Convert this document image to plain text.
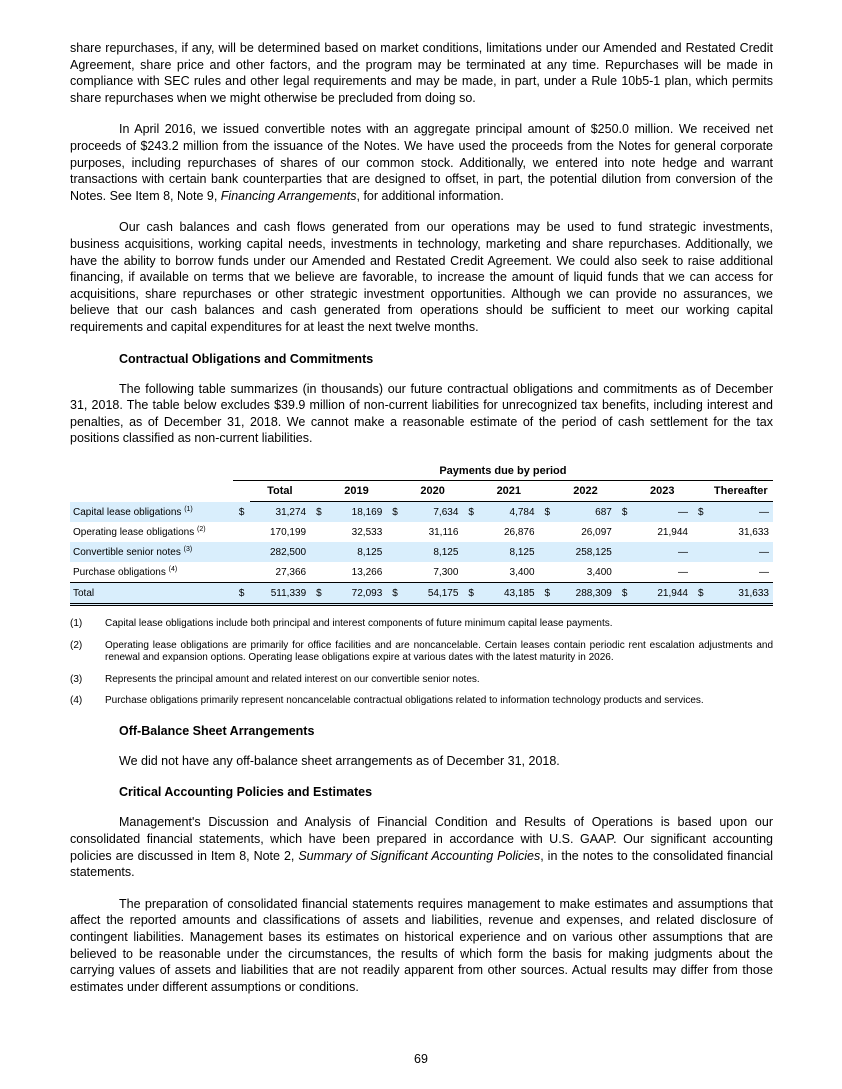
share repurchases, if any, will be determined based on market conditions, limitations under our Amended and Restated Credit Agreement, share price and other factors, and the program may be terminated at any time. Repurchases will be made in compliance with SEC rules and other legal requirements and may be made, in part, under a Rule 10b5-1 plan, which permits share repurchases when we might otherwise be precluded from doing so.

In April 2016, we issued convertible notes with an aggregate principal amount of $250.0 million. We received net proceeds of $243.2 million from the issuance of the Notes. We have used the proceeds from the Notes for general corporate purposes, including repurchases of shares of our common stock. Additionally, we entered into note hedge and warrant transactions with certain bank counterparties that are designed to offset, in part, the potential dilution from conversion of the Notes. See Item 8, Note 9, Financing Arrangements, for additional information.

Our cash balances and cash flows generated from our operations may be used to fund strategic investments, business acquisitions, working capital needs, investments in technology, marketing and share repurchases. Additionally, we have the ability to borrow funds under our Amended and Restated Credit Agreement. We could also seek to raise additional financing, if available on terms that we believe are favorable, to increase the amount of liquid funds that we can access for acquisitions, share repurchases or other strategic investment opportunities. Although we can provide no assurances, we believe that our cash balances and cash generated from operations should be sufficient to meet our working capital requirements and capital expenditures for at least the next twelve months.

Contractual Obligations and Commitments

The following table summarizes (in thousands) our future contractual obligations and commitments as of December 31, 2018. The table below excludes $39.9 million of non-current liabilities for unrecognized tax benefits, including interest and penalties, as of December 31, 2018. We cannot make a reasonable estimate of the period of cash settlement for the tax positions classified as non-current liabilities.

	Payments due by period													
		Total		2019		2020		2021		2022		2023		Thereafter
Capital lease obligations $^{(1)}$	$	31,274	$	18,169	$	7,634	$	4,784	$	687	$	—	$	—
Operating lease obligations $^{(2)}$		170,199		32,533		31,116		26,876		26,097		21,944		31,633
Convertible senior notes $^{(3)}$		282,500		8,125		8,125		8,125		258,125		—		—
Purchase obligations $^{(4)}$		27,366		13,266		7,300		3,400		3,400		—		—
Total	$	511,339	$	72,093	$	54,175	$	43,185	$	288,309	$	21,944	$	31,633
(1)	Capital lease obligations include both principal and interest components of future minimum capital lease payments.
(2)	Operating lease obligations are primarily for office facilities and are noncancelable. Certain leases contain periodic rent escalation adjustments and renewal and expansion options. Operating lease obligations expire at various dates with the latest maturity in 2026.
(3)	Represents the principal amount and related interest on our convertible senior notes.
(4)	Purchase obligations primarily represent noncancelable contractual obligations related to information technology products and services.
Off-Balance Sheet Arrangements

We did not have any off-balance sheet arrangements as of December 31, 2018.

Critical Accounting Policies and Estimates

Management's Discussion and Analysis of Financial Condition and Results of Operations is based upon our consolidated financial statements, which have been prepared in accordance with U.S. GAAP. Our significant accounting policies are discussed in Item 8, Note 2, Summary of Significant Accounting Policies, in the notes to the consolidated financial statements.

The preparation of consolidated financial statements requires management to make estimates and assumptions that affect the reported amounts and classifications of assets and liabilities, revenue and expenses, and related disclosure of contingent liabilities. Management bases its estimates on historical experience and on various other assumptions that are believed to be reasonable under the circumstances, the results of which form the basis for making judgments about the carrying values of assets and liabilities that are not readily apparent from other sources. Actual results may differ from those estimates under different assumptions or conditions.

69
